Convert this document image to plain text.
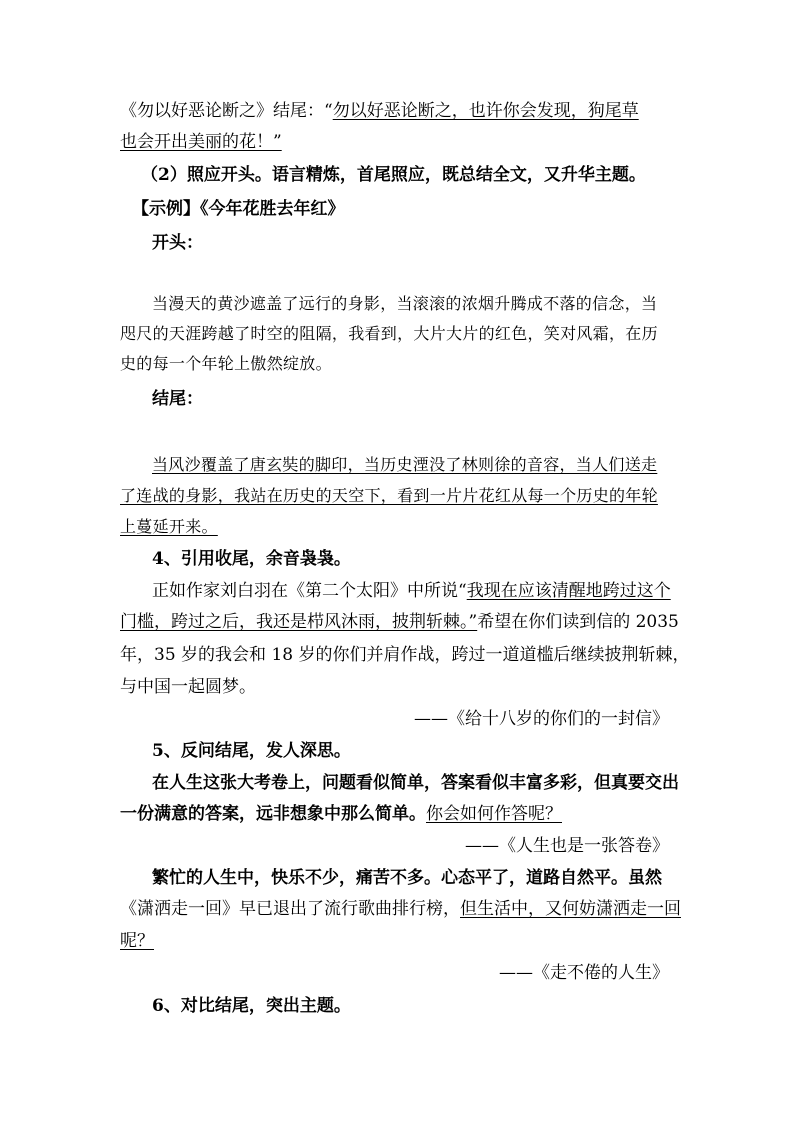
《勿以好恶论断之》结尾：“勿以好恶论断之，也许你会发现，狗尾草
也会开出美丽的花！”
（2）照应开头。语言精炼，首尾照应，既总结全文，又升华主题。
【示例】《今年花胜去年红》
开头：
当漫天的黄沙遮盖了远行的身影，当滚滚的浓烟升腾成不落的信念，当
咫尺的天涯跨越了时空的阻隔，我看到，大片大片的红色，笑对风霜，在历
史的每一个年轮上傲然绽放。
结尾：
当风沙覆盖了唐玄奘的脚印，当历史湮没了林则徐的音容，当人们送走
了连战的身影，我站在历史的天空下，看到一片片花红从每一个历史的年轮
上蔓延开来。
4、引用收尾，余音袅袅。
正如作家刘白羽在《第二个太阳》中所说“我现在应该清醒地跨过这个
门槛，跨过之后，我还是栉风沐雨，披荆斩棘。”希望在你们读到信的 2035
年，35 岁的我会和 18 岁的你们并肩作战，跨过一道道槛后继续披荆斩棘，
与中国一起圆梦。
——《给十八岁的你们的一封信》
5、反问结尾，发人深思。
在人生这张大考卷上，问题看似简单，答案看似丰富多彩，但真要交出
一份满意的答案，远非想象中那么简单。你会如何作答呢？
——《人生也是一张答卷》
繁忙的人生中，快乐不少，痛苦不多。心态平了，道路自然平。虽然
《潇洒走一回》早已退出了流行歌曲排行榜，但生活中，又何妨潇洒走一回
呢？
——《走不倦的人生》
6、对比结尾，突出主题。
